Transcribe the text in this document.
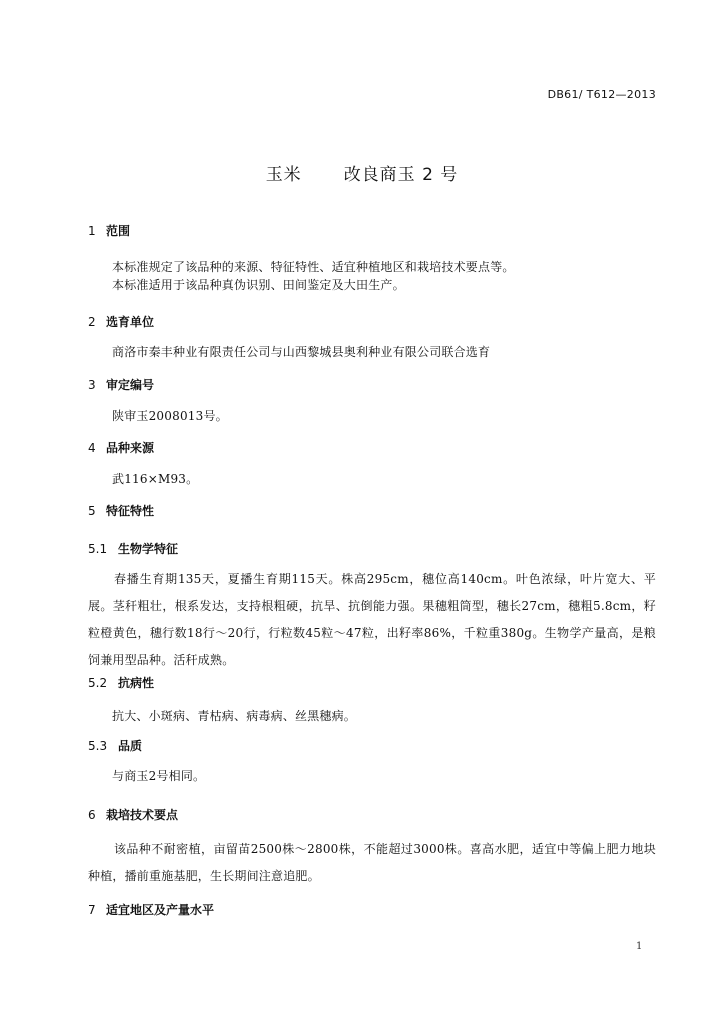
DB61/ T612—2013
玉米 改良商玉 2 号
1 范围
本标准规定了该品种的来源、特征特性、适宜种植地区和栽培技术要点等。
本标准适用于该品种真伪识别、田间鉴定及大田生产。
2 选育单位
商洛市秦丰种业有限责任公司与山西黎城县奥利种业有限公司联合选育
3 审定编号
陕审玉2008013号。
4 品种来源
武116×M93。
5 特征特性
5.1 生物学特征
春播生育期135天，夏播生育期115天。株高295cm，穗位高140cm。叶色浓绿，叶片宽大、平展。茎秆粗壮，根系发达，支持根粗硬，抗旱、抗倒能力强。果穗粗筒型，穗长27cm，穗粗5.8cm，籽粒橙黄色，穗行数18行～20行，行粒数45粒～47粒，出籽率86%，千粒重380g。生物学产量高，是粮饲兼用型品种。活秆成熟。
5.2 抗病性
抗大、小斑病、青枯病、病毒病、丝黑穗病。
5.3 品质
与商玉2号相同。
6 栽培技术要点
该品种不耐密植，亩留苗2500株～2800株，不能超过3000株。喜高水肥，适宜中等偏上肥力地块种植，播前重施基肥，生长期间注意追肥。
7 适宜地区及产量水平
1
